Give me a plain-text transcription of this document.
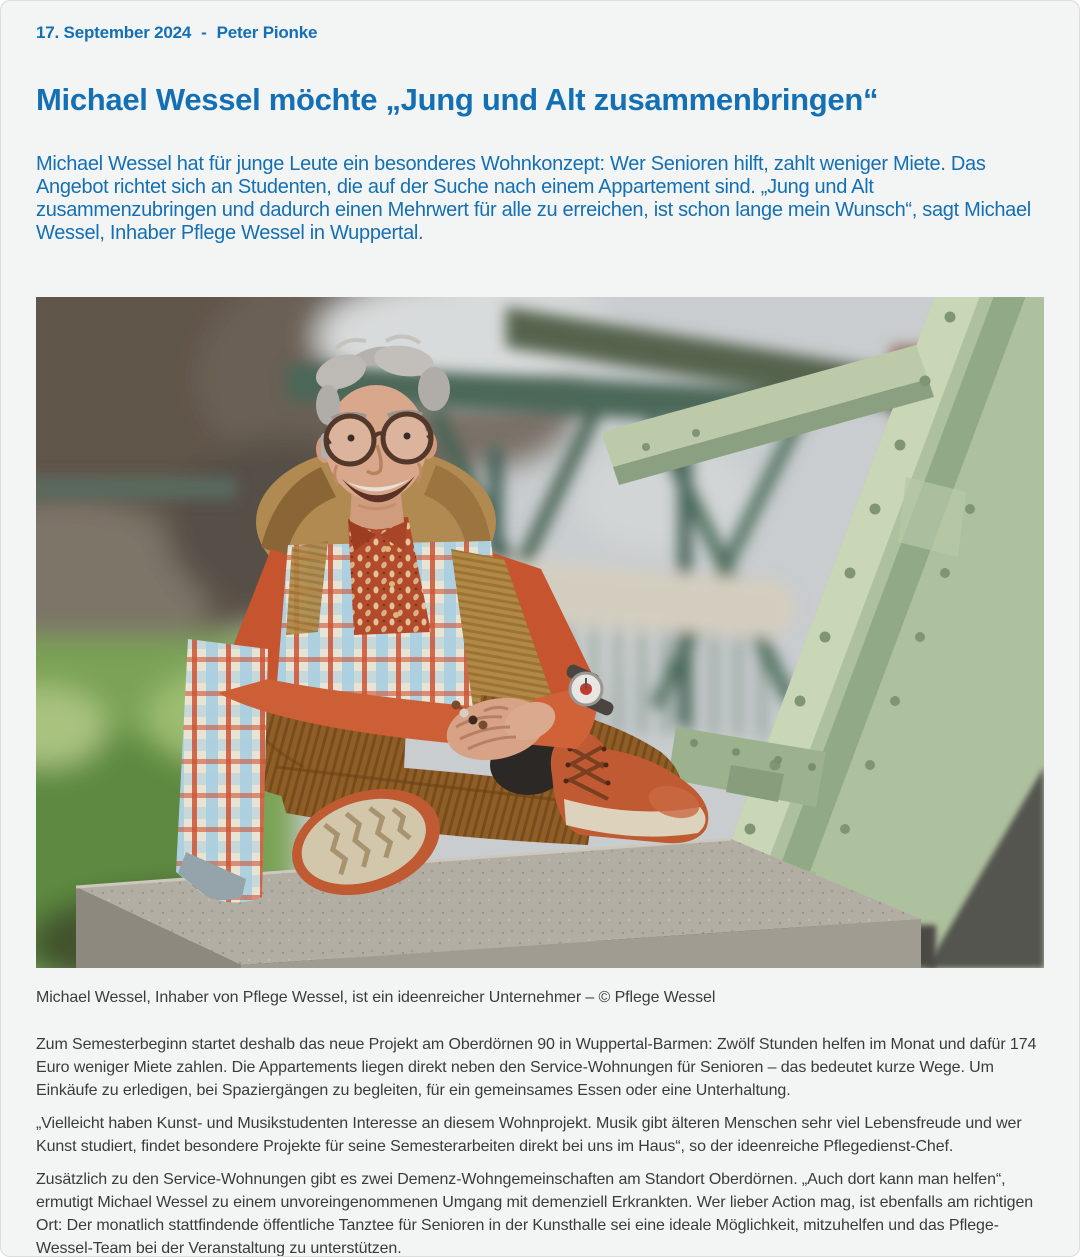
17. September 2024 - Peter Pionke
Michael Wessel möchte „Jung und Alt zusammenbringen“

Michael Wessel hat für junge Leute ein besonderes Wohnkonzept: Wer Senioren hilft, zahlt weniger Miete. Das Angebot richtet sich an Studenten, die auf der Suche nach einem Appartement sind. „Jung und Alt zusammenzubringen und dadurch einen Mehrwert für alle zu erreichen, ist schon lange mein Wunsch“, sagt Michael Wessel, Inhaber Pflege Wessel in Wuppertal.

Michael Wessel, Inhaber von Pflege Wessel, ist ein ideenreicher Unternehmer – © Pflege Wessel

Zum Semesterbeginn startet deshalb das neue Projekt am Oberdörnen 90 in Wuppertal-Barmen: Zwölf Stunden helfen im Monat und dafür 174 Euro weniger Miete zahlen. Die Appartements liegen direkt neben den Service-Wohnungen für Senioren – das bedeutet kurze Wege. Um Einkäufe zu erledigen, bei Spaziergängen zu begleiten, für ein gemeinsames Essen oder eine Unterhaltung.

„Vielleicht haben Kunst- und Musikstudenten Interesse an diesem Wohnprojekt. Musik gibt älteren Menschen sehr viel Lebensfreude und wer Kunst studiert, findet besondere Projekte für seine Semesterarbeiten direkt bei uns im Haus“, so der ideenreiche Pflegedienst-Chef.

Zusätzlich zu den Service-Wohnungen gibt es zwei Demenz-Wohngemeinschaften am Standort Oberdörnen. „Auch dort kann man helfen“, ermutigt Michael Wessel zu einem unvoreingenommenen Umgang mit demenziell Erkrankten. Wer lieber Action mag, ist ebenfalls am richtigen Ort: Der monatlich stattfindende öffentliche Tanztee für Senioren in der Kunsthalle sei eine ideale Möglichkeit, mitzuhelfen und das Pflege-Wessel-Team bei der Veranstaltung zu unterstützen.
